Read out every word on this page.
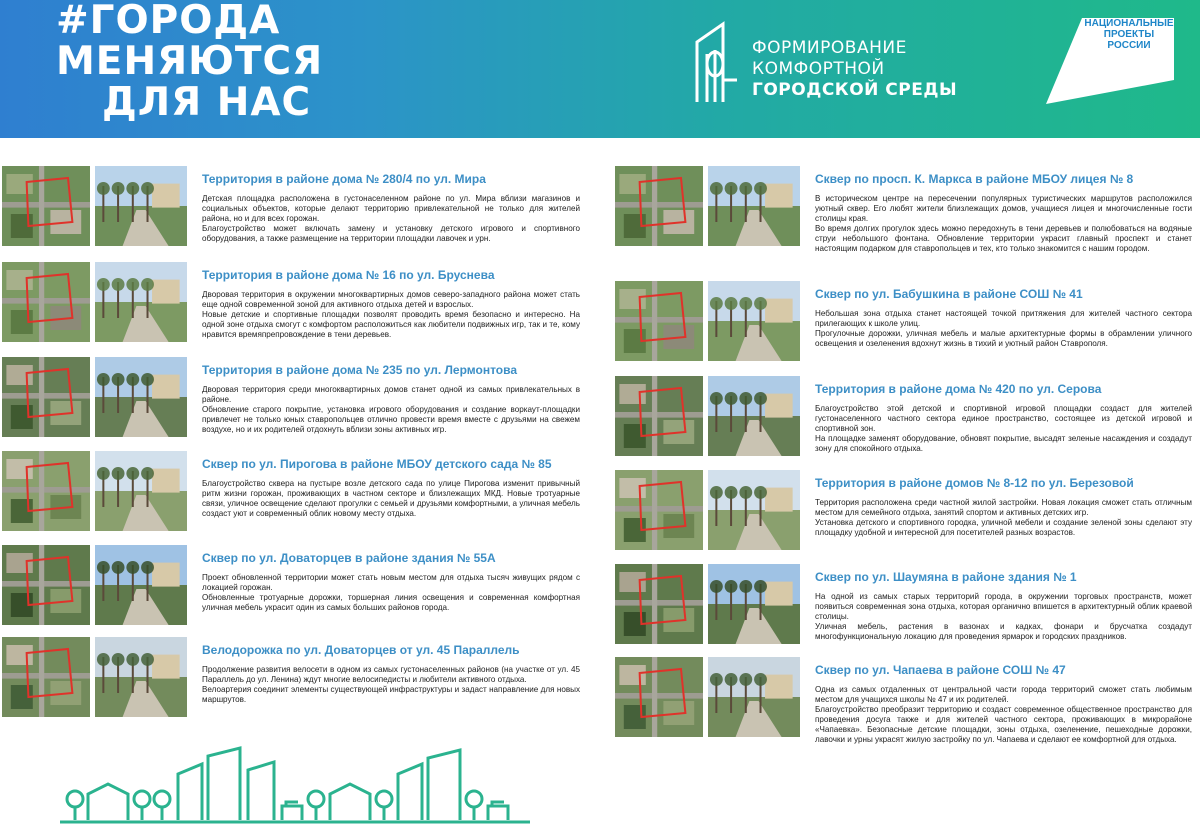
#ГОРОДА
МЕНЯЮТСЯ
ДЛЯ НАС
ФОРМИРОВАНИЕ
КОМФОРТНОЙ
ГОРОДСКОЙ СРЕДЫ
НАЦИОНАЛЬНЫЕ
ПРОЕКТЫ
РОССИИ
Территория в районе дома № 280/4 по ул. Мира

Детская площадка расположена в густонаселенном районе по ул. Мира вблизи магазинов и социальных объектов, которые делают территорию привлекательной не только для жителей района, но и для всех горожан.

Благоустройство может включать замену и установку детского игрового и спортивного оборудования, а также размещение на территории площадки лавочек и урн.

Территория в районе дома № 16 по ул. Бруснева

Дворовая территория в окружении многоквартирных домов северо-западного района может стать еще одной современной зоной для активного отдыха детей и взрослых.

Новые детские и спортивные площадки позволят проводить время безопасно и интересно. На одной зоне отдыха смогут с комфортом расположиться как любители подвижных игр, так и те, кому нравится времяпрепровождение в тени деревьев.

Территория в районе дома № 235 по ул. Лермонтова

Дворовая территория среди многоквартирных домов станет одной из самых привлекательных в районе.

Обновление старого покрытие, установка игрового оборудования и создание воркаут-площадки привлечет не только юных ставропольцев отлично провести время вместе с друзьями на свежем воздухе, но и их родителей отдохнуть вблизи зоны активных игр.

Сквер по ул. Пирогова в районе МБОУ детского сада № 85

Благоустройство сквера на пустыре возле детского сада по улице Пирогова изменит привычный ритм жизни горожан, проживающих в частном секторе и близлежащих МКД. Новые тротуарные связи, уличное освещение сделают прогулки с семьей и друзьями комфортными, а уличная мебель создаст уют и современный облик новому месту отдыха.

Сквер по ул. Доваторцев в районе здания № 55А

Проект обновленной территории может стать новым местом для отдыха тысяч живущих рядом с локацией горожан.

Обновленные тротуарные дорожки, торшерная линия освещения и современная комфортная уличная мебель украсит один из самых больших районов города.

Велодорожка по ул. Доваторцев от ул. 45 Параллель

Продолжение развития велосети в одном из самых густонаселенных районов (на участке от ул. 45 Параллель до ул. Ленина) ждут многие велосипедисты и любители активного отдыха.

Велоартерия соединит элементы существующей инфраструктуры и задаст направление для новых маршрутов.

Сквер по просп. К. Маркса в районе МБОУ лицея № 8

В историческом центре на пересечении популярных туристических маршрутов расположился уютный сквер. Его любят жители близлежащих домов, учащиеся лицея и многочисленные гости столицы края.

Во время долгих прогулок здесь можно передохнуть в тени деревьев и полюбоваться на водяные струи небольшого фонтана. Обновление территории украсит главный проспект и станет настоящим подарком для ставропольцев и тех, кто только знакомится с нашим городом.

Сквер по ул. Бабушкина в районе СОШ № 41

Небольшая зона отдыха станет настоящей точкой притяжения для жителей частного сектора прилегающих к школе улиц.

Прогулочные дорожки, уличная мебель и малые архитектурные формы в обрамлении уличного освещения и озеленения вдохнут жизнь в тихий и уютный район Ставрополя.

Территория в районе дома № 420 по ул. Серова

Благоустройство этой детской и спортивной игровой площадки создаст для жителей густонаселенного частного сектора единое пространство, состоящее из детской игровой и спортивной зон.

На площадке заменят оборудование, обновят покрытие, высадят зеленые насаждения и создадут зону для спокойного отдыха.

Территория в районе домов № 8-12 по ул. Березовой

Территория расположена среди частной жилой застройки. Новая локация сможет стать отличным местом для семейного отдыха, занятий спортом и активных детских игр.

Установка детского и спортивного городка, уличной мебели и создание зеленой зоны сделают эту площадку удобной и интересной для посетителей разных возрастов.

Сквер по ул. Шаумяна в районе здания № 1

На одной из самых старых территорий города, в окружении торговых пространств, может появиться современная зона отдыха, которая органично впишется в архитектурный облик краевой столицы.

Уличная мебель, растения в вазонах и кадках, фонари и брусчатка создадут многофункциональную локацию для проведения ярмарок и городских праздников.

Сквер по ул. Чапаева в районе СОШ № 47

Одна из самых отдаленных от центральной части города территорий сможет стать любимым местом для учащихся школы № 47 и их родителей.

Благоустройство преобразит территорию и создаст современное общественное пространство для проведения досуга также и для жителей частного сектора, проживающих в микрорайоне «Чапаевка». Безопасные детские площадки, зоны отдыха, озеленение, пешеходные дорожки, лавочки и урны украсят жилую застройку по ул. Чапаева и сделают ее комфортной для отдыха.
